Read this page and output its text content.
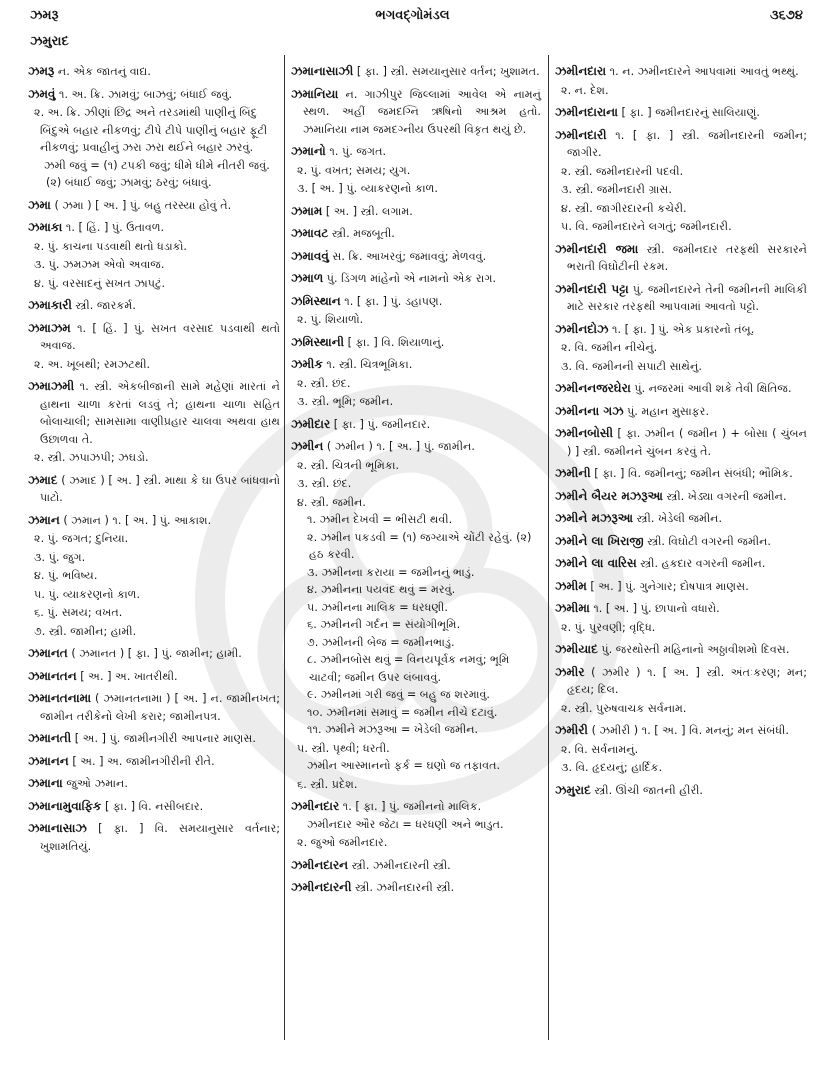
ઝમરૂ
ઝમુરાદ
ભગવદ્ગોમંડલ	૩૬૭૪
ઝમરૂ ન. એક જાતનું વાદ્ય.
ઝમવું ૧. અ. ક્રિ. ઝામવું; બાઝવું; બંધાઈ જવું.
૨. અ. ક્રિ. ઝીણાં છિદ્ર અને તરડમાંથી પાણીનું બિંદુ બિંદુએ બહાર નીકળવું; ટીપે ટીપે પાણીનું બહાર ફૂટી નીકળવું; પ્રવાહીનું ઝરા ઝરા થઈને બહાર ઝરવું.
ઝમી જવું = (૧) ટપકી જવું; ધીમે ધીમે નીતરી જવું. (૨) બંધાઈ જવું; ઝામવું; ઠરવું; બંધાવું.
ઝમા ( ઝમા ) [ અ. ] પું. બહુ તરસ્યા હોવું તે.
ઝમાકા ૧. [ હિં. ] પું. ઉતાવળ.
૨. પું. કાચના પડવાથી થતો ધડાકો.
૩. પું. ઝમઝમ એવો અવાજ.
૪. પું. વરસાદનું સખત ઝાપટું.
ઝમાકારી સ્ત્રી. જારકર્મ.
ઝમાઝમ ૧. [ હિં. ] પું. સખત વરસાદ પડવાથી થતો અવાજ.
૨. અ. ખૂબથી; રમઝટથી.
ઝમાઝમી ૧. સ્ત્રી. એકબીજાની સામે મહેણાં મારતાં ને હાથના ચાળા કરતાં લડવું તે; હાથના ચાળા સહિત બોલાચાલી; સામસામા વાણીપ્રહાર ચાલવા અથવા હાથ ઉછાળવા તે.
૨. સ્ત્રી. ઝપાઝપી; ઝઘડો.
ઝમાદ ( ઝમાદ ) [ અ. ] સ્ત્રી. માથા કે ઘા ઉપર બાંધવાનો પાટો.
ઝમાન ( ઝમાન ) ૧. [ અ. ] પું. આકાશ.
૨. પું. જગત; દુનિયા.
૩. પું. જુગ.
૪. પું. ભવિષ્ય.
૫. પું. વ્યાકરણનો કાળ.
૬. પું. સમય; વખત.
૭. સ્ત્રી. જામીન; હામી.
ઝમાનત ( ઝમાનત ) [ ફા. ] પું. જામીન; હામી.
ઝમાનતન [ અ. ] અ. ખાતરીથી.
ઝમાનતનામા ( ઝમાનતનામા ) [ અ. ] ન. જામીનખત; જામીન તરીકેનો લેખી કરાર; જામીનપત્ર.
ઝમાનતી [ અ. ] પું. જામીનગીરી આપનાર માણસ.
ઝમાનન [ અ. ] અ. જામીનગીરીની રીતે.
ઝમાના જુઓ ઝમાન.
ઝમાનામુવાફિક [ ફા. ] વિ. નસીબદાર.
ઝમાનાસાઝ [ ફા. ] વિ. સમયાનુસાર વર્તનાર; ખુશામતિયું.
ઝમાનાસાઝી [ ફા. ] સ્ત્રી. સમયાનુસાર વર્તન; ખુશામત.
ઝમાનિયા ન. ગાઝીપુર જિલ્લામાં આવેલ એ નામનું સ્થળ. અહીં જમદગ્નિ ઋષિનો આશ્રમ હતો. ઝમાનિયા નામ જમદગ્નીય ઉપરથી વિકૃત થયું છે.
ઝમાનો ૧. પું. જગત.
૨. પું. વખત; સમય; યુગ.
૩. [ અ. ] પું. વ્યાકરણનો કાળ.
ઝમામ [ અ. ] સ્ત્રી. લગામ.
ઝમાવટ સ્ત્રી. મજબૂતી.
ઝમાવવું સ. ક્રિ. આખરવું; જમાવવું; મેળવવું.
ઝમાળ પું. ડિંગળ માંહેનો એ નામનો એક રાગ.
ઝમિસ્થાન ૧. [ ફા. ] પું. ડહાપણ.
૨. પું. શિયાળો.
ઝમિસ્થાની [ ફા. ] વિ. શિયાળાનું.
ઝમીક ૧. સ્ત્રી. ચિત્રભૂમિકા.
૨. સ્ત્રી. છંદ.
૩. સ્ત્રી. ભૂમિ; જમીન.
ઝમીદાર [ ફા. ] પું. જમીનદાર.
ઝમીન ( ઝમીન ) ૧. [ અ. ] પું. જામીન.
૨. સ્ત્રી. ચિત્રની ભૂમિકા.
૩. સ્ત્રી. છંદ.
૪. સ્ત્રી. જમીન.
૧. ઝમીન દેખવી = ભીસટી થવી.
૨. ઝમીન પકડવી = (૧) જગ્યાએ ચોંટી રહેવું. (૨) હઠ કરવી.
૩. ઝમીનના કરાયા = જમીનનું ભાડું.
૪. ઝમીનના પયવંદ થવું = મરવું.
૫. ઝમીનના માલિક = ધરધણી.
૬. ઝમીનની ગર્દન = સંયોગીભૂમિ.
૭. ઝમીનની બેજ = જમીનભાડું.
૮. ઝમીનબોસ થવું = વિનયપૂર્વક નમવું; ભૂમિ ચાટવી; જમીન ઉપર લંબાવવું.
૯. ઝમીનમાં ગરી જવું = બહુ જ શરમાવું.
૧૦. ઝમીનમાં સમાવું = જમીન નીચે દટાવું.
૧૧. ઝમીને મઝરૂઆ = ખેડેલી જમીન.
૫. સ્ત્રી. પૃથ્વી; ધરતી.
ઝમીન આસ્માનનો ફર્ક = ઘણો જ તફાવત.
૬. સ્ત્રી. પ્રદેશ.
ઝમીનદાર ૧. [ ફા. ] પું. જમીનનો માલિક.
ઝમીનદાર ઔર જેટા = ધરધણી અને ભાડુત.
૨. જુઓ જમીનદાર.
ઝમીનદારન સ્ત્રી. ઝમીનદારની સ્ત્રી.
ઝમીનદારની સ્ત્રી. ઝમીનદારની સ્ત્રી.
ઝમીનદારા ૧. ન. ઝમીનદારને આપવામાં આવતું ભથ્થું.
૨. ન. દેશ.
ઝમીનદારાના [ ફા. ] જમીનદારનું સાલિયાણું.
ઝમીનદારી ૧. [ ફા. ] સ્ત્રી. જમીનદારની જમીન; જાગીર.
૨. સ્ત્રી. જમીનદારની પદવી.
૩. સ્ત્રી. જમીનદારી ગ્રાસ.
૪. સ્ત્રી. જાગીરદારની કચેરી.
૫. વિ. જમીનદારને લગતું; જમીનદારી.
ઝમીનદારી જમા સ્ત્રી. જમીનદાર તરફથી સરકારને ભરાતી વિઘોટીની રકમ.
ઝમીનદારી પટ્ટા પું. જમીનદારને તેની જમીનની માલિકી માટે સરકાર તરફથી આપવામાં આવતો પટ્ટો.
ઝમીનદોઝ ૧. [ ફા. ] પું. એક પ્રકારનો તંબૂ.
૨. વિ. જમીન નીચેનું.
૩. વિ. જમીનની સપાટી સાથેનું.
ઝમીનનજરઘેરા પું. નજરમાં આવી શકે તેવી ક્ષિતિજ.
ઝમીનના ગઝ પું. મહાન મુસાફર.
ઝમીનબોસી [ ફા. ઝમીન ( જમીન ) + બોસા ( ચુંબન ) ] સ્ત્રી. જમીનને ચુંબન કરવું તે.
ઝમીની [ ફા. ] વિ. જમીનનું; જમીન સંબંધી; ભૌમિક.
ઝમીને બૈયર મઝરૂઆ સ્ત્રી. ખેડ્યા વગરની જમીન.
ઝમીને મઝરૂઆ સ્ત્રી. ખેડેલી જમીન.
ઝમીને લા ખિરાજી સ્ત્રી. વિઘોટી વગરની જમીન.
ઝમીને લા વારિસ સ્ત્રી. હકદાર વગરની જમીન.
ઝમીમ [ અ. ] પું. ગુનેગાર; દોષપાત્ર માણસ.
ઝમીમા ૧. [ અ. ] પું. છાપાનો વધારો.
૨. પું. પુરવણી; વૃદ્ધિ.
ઝમીયાદ પું. જરથોસ્તી મહિનાનો અઠ્ઠાવીશમો દિવસ.
ઝમીર ( ઝમીર ) ૧. [ અ. ] સ્ત્રી. અંતઃકરણ; મન; હૃદય; દિલ.
૨. સ્ત્રી. પુરુષવાચક સર્વનામ.
ઝમીરી ( ઝમીરી ) ૧. [ અ. ] વિ. મનનું; મન સંબંધી.
૨. વિ. સર્વનામનું.
૩. વિ. હૃદયનું; હાર્દિક.
ઝમુરાદ સ્ત્રી. ઊંચી જાતની હીરી.
